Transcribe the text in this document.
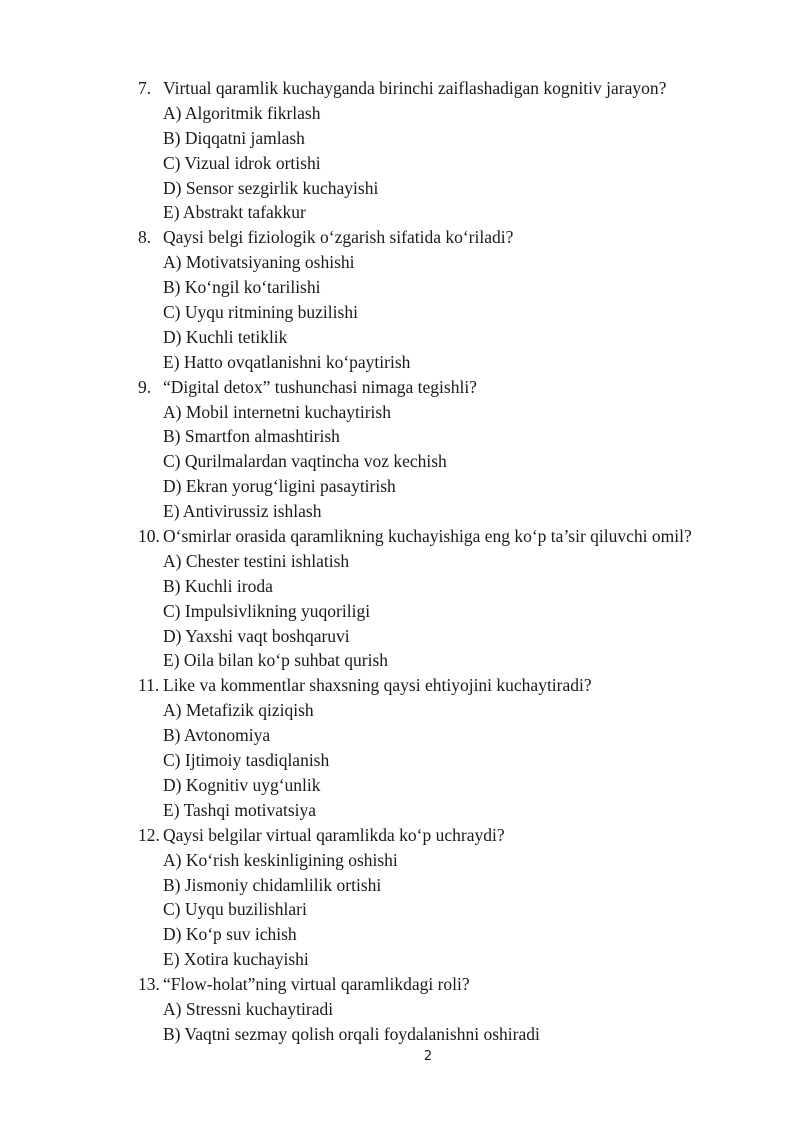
7. Virtual qaramlik kuchayganda birinchi zaiflashadigan kognitiv jarayon?
A) Algoritmik fikrlash
B) Diqqatni jamlash
C) Vizual idrok ortishi
D) Sensor sezgirlik kuchayishi
E) Abstrakt tafakkur
8. Qaysi belgi fiziologik o‘zgarish sifatida ko‘riladi?
A) Motivatsiyaning oshishi
B) Ko‘ngil ko‘tarilishi
C) Uyqu ritmining buzilishi
D) Kuchli tetiklik
E) Hatto ovqatlanishni ko‘paytirish
9. “Digital detox” tushunchasi nimaga tegishli?
A) Mobil internetni kuchaytirish
B) Smartfon almashtirish
C) Qurilmalardan vaqtincha voz kechish
D) Ekran yorug‘ligini pasaytirish
E) Antivirussiz ishlash
10. O‘smirlar orasida qaramlikning kuchayishiga eng ko‘p ta’sir qiluvchi omil?
A) Chester testini ishlatish
B) Kuchli iroda
C) Impulsivlikning yuqoriligi
D) Yaxshi vaqt boshqaruvi
E) Oila bilan ko‘p suhbat qurish
11. Like va kommentlar shaxsning qaysi ehtiyojini kuchaytiradi?
A) Metafizik qiziqish
B) Avtonomiya
C) Ijtimoiy tasdiqlanish
D) Kognitiv uyg‘unlik
E) Tashqi motivatsiya
12. Qaysi belgilar virtual qaramlikda ko‘p uchraydi?
A) Ko‘rish keskinligining oshishi
B) Jismoniy chidamlilik ortishi
C) Uyqu buzilishlari
D) Ko‘p suv ichish
E) Xotira kuchayishi
13. “Flow-holat”ning virtual qaramlikdagi roli?
A) Stressni kuchaytiradi
B) Vaqtni sezmay qolish orqali foydalanishni oshiradi
2
